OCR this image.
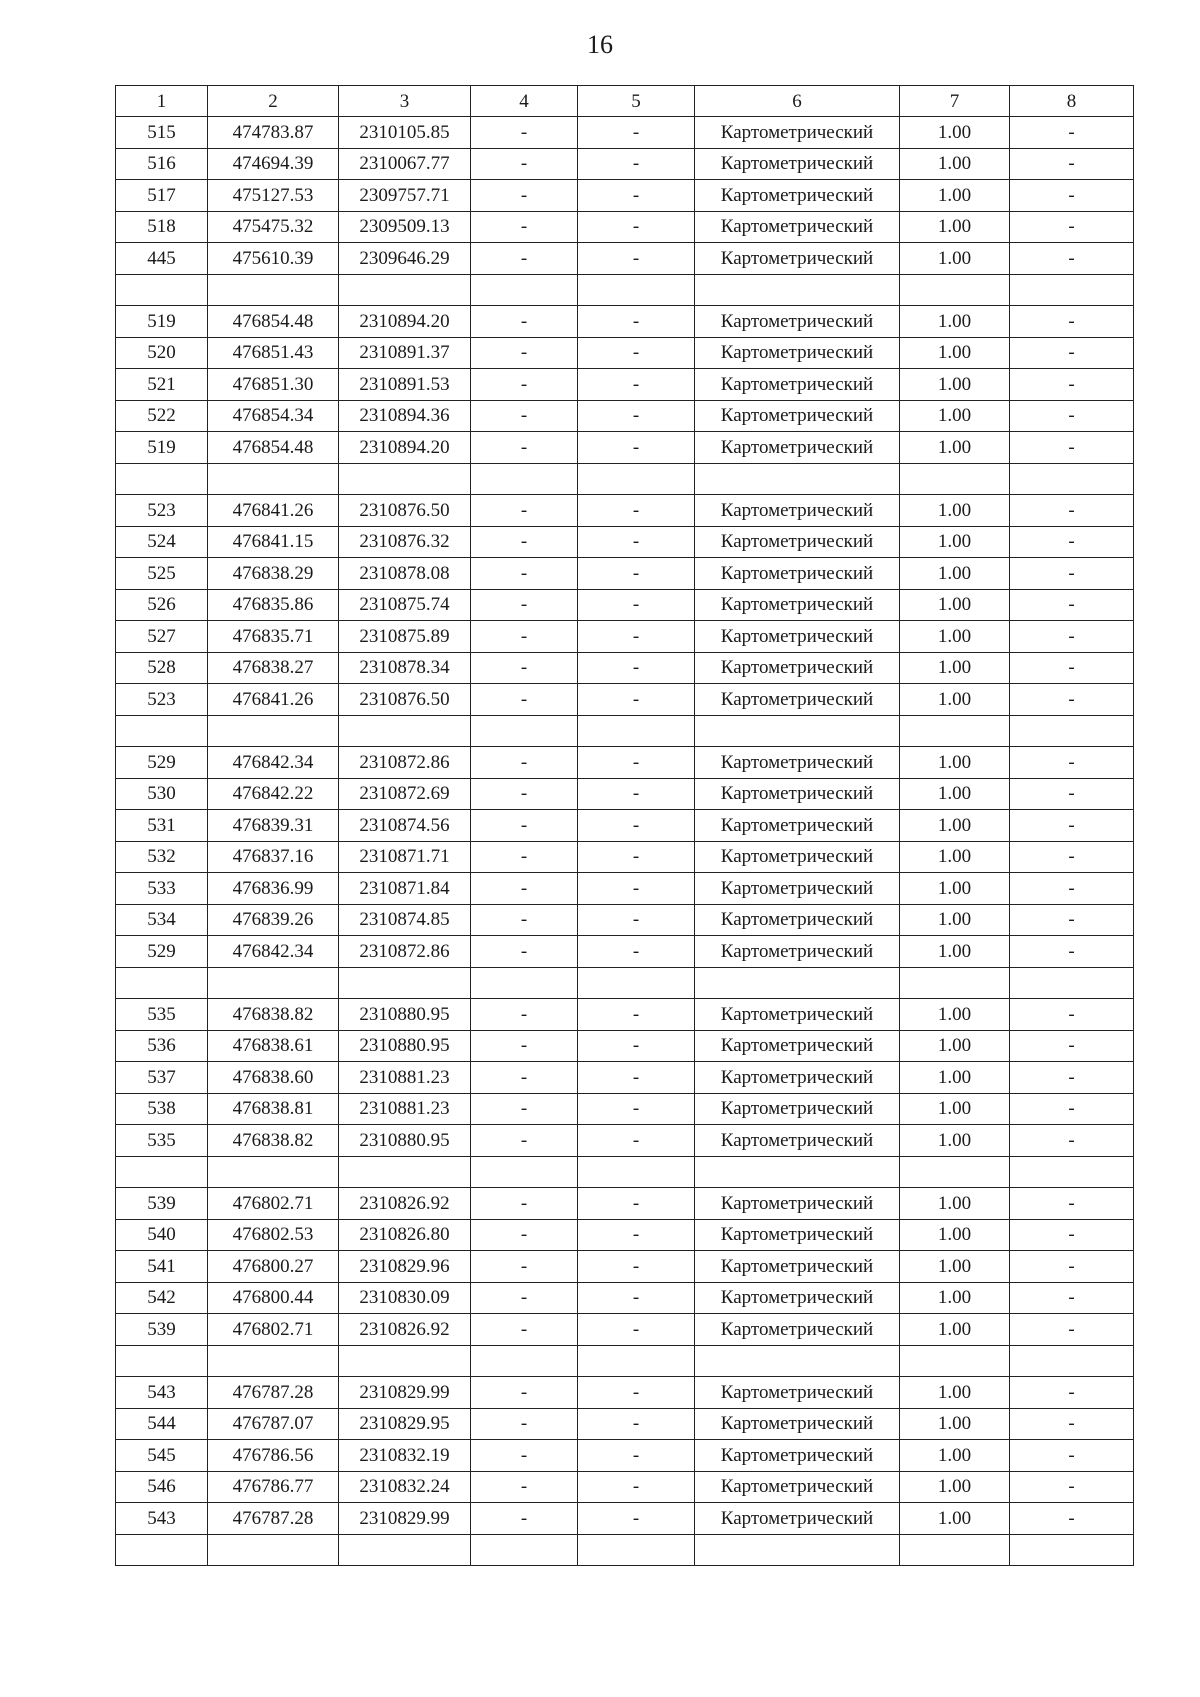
16
1	2	3	4	5	6	7	8
515	474783.87	2310105.85	-	-	Картометрический	1.00	-
516	474694.39	2310067.77	-	-	Картометрический	1.00	-
517	475127.53	2309757.71	-	-	Картометрический	1.00	-
518	475475.32	2309509.13	-	-	Картометрический	1.00	-
445	475610.39	2309646.29	-	-	Картометрический	1.00	-

519	476854.48	2310894.20	-	-	Картометрический	1.00	-
520	476851.43	2310891.37	-	-	Картометрический	1.00	-
521	476851.30	2310891.53	-	-	Картометрический	1.00	-
522	476854.34	2310894.36	-	-	Картометрический	1.00	-
519	476854.48	2310894.20	-	-	Картометрический	1.00	-

523	476841.26	2310876.50	-	-	Картометрический	1.00	-
524	476841.15	2310876.32	-	-	Картометрический	1.00	-
525	476838.29	2310878.08	-	-	Картометрический	1.00	-
526	476835.86	2310875.74	-	-	Картометрический	1.00	-
527	476835.71	2310875.89	-	-	Картометрический	1.00	-
528	476838.27	2310878.34	-	-	Картометрический	1.00	-
523	476841.26	2310876.50	-	-	Картометрический	1.00	-

529	476842.34	2310872.86	-	-	Картометрический	1.00	-
530	476842.22	2310872.69	-	-	Картометрический	1.00	-
531	476839.31	2310874.56	-	-	Картометрический	1.00	-
532	476837.16	2310871.71	-	-	Картометрический	1.00	-
533	476836.99	2310871.84	-	-	Картометрический	1.00	-
534	476839.26	2310874.85	-	-	Картометрический	1.00	-
529	476842.34	2310872.86	-	-	Картометрический	1.00	-

535	476838.82	2310880.95	-	-	Картометрический	1.00	-
536	476838.61	2310880.95	-	-	Картометрический	1.00	-
537	476838.60	2310881.23	-	-	Картометрический	1.00	-
538	476838.81	2310881.23	-	-	Картометрический	1.00	-
535	476838.82	2310880.95	-	-	Картометрический	1.00	-

539	476802.71	2310826.92	-	-	Картометрический	1.00	-
540	476802.53	2310826.80	-	-	Картометрический	1.00	-
541	476800.27	2310829.96	-	-	Картометрический	1.00	-
542	476800.44	2310830.09	-	-	Картометрический	1.00	-
539	476802.71	2310826.92	-	-	Картометрический	1.00	-

543	476787.28	2310829.99	-	-	Картометрический	1.00	-
544	476787.07	2310829.95	-	-	Картометрический	1.00	-
545	476786.56	2310832.19	-	-	Картометрический	1.00	-
546	476786.77	2310832.24	-	-	Картометрический	1.00	-
543	476787.28	2310829.99	-	-	Картометрический	1.00	-
